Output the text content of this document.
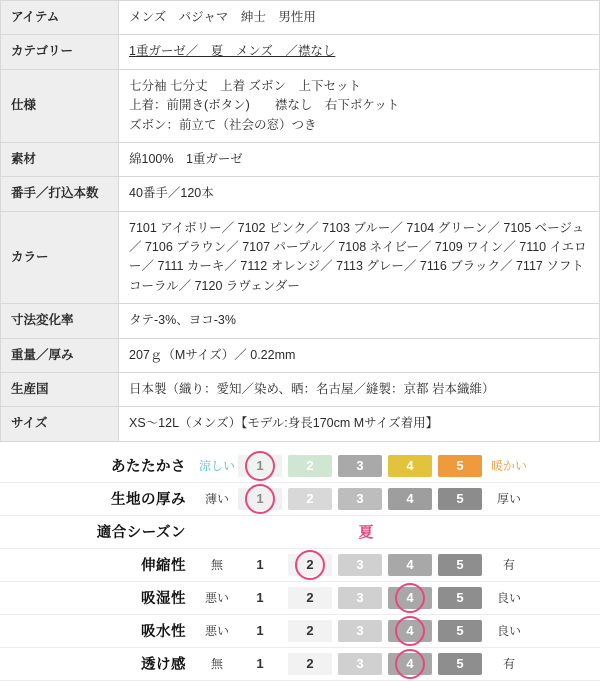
アイテム	メンズ　パジャマ　紳士　男性用

カテゴリー	1重ガーゼ／　夏　メンズ　／襟なし

仕様	七分袖 七分丈　上着 ズボン　上下セット
上着：前開き(ボタン)　　襟なし　右下ポケット
ズボン：前立て（社会の窓）つき

素材	綿100%　1重ガーゼ

番手／打込本数	40番手／120本

カラー	7101 アイボリー／ 7102 ピンク／ 7103 ブルー／ 7104 グリーン／ 7105 ベージュ
／ 7106 ブラウン／ 7107 パープル／ 7108 ネイビー／ 7109 ワイン／ 7110 イエロ
ー／ 7111 カーキ／ 7112 オレンジ／ 7113 グレー／ 7116 ブラック／ 7117 ソフト
コーラル／ 7120 ラヴェンダー

寸法変化率	タテ-3%、ヨコ-3%

重量／厚み	207ｇ（Mサイズ）／ 0.22mm

生産国	日本製（織り：愛知／染め、晒：名古屋／縫製：京都 岩本織維）

サイズ	XS〜12L（メンズ）【モデル:身長170cm Mサイズ着用】
あたたかさ	涼しい 1	2	3	4	5 暖かい
生地の厚み	薄い	1	2	3	4	5	厚い
適合シーズン	夏
伸縮性	無	1	2	3	4	5	有
吸湿性	悪い	1	2	3	4	5	良い
吸水性	悪い	1	2	3	4	5	良い
透け感	無	1	2	3	4	5	有
